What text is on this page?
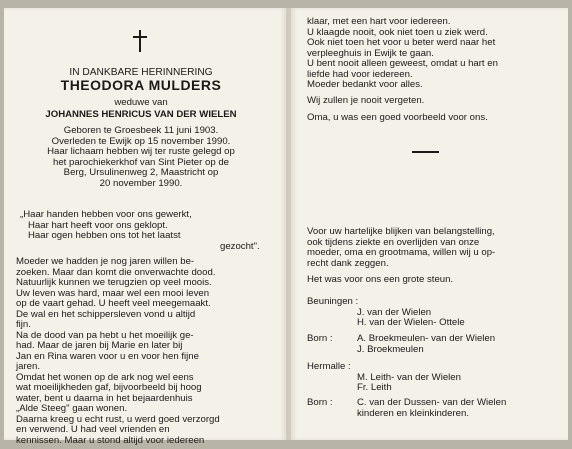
IN DANKBARE HERINNERING
THEODORA MULDERS
weduwe van
JOHANNES HENRICUS VAN DER WIELEN
Geboren te Groesbeek 11 juni 1903.
Overleden te Ewijk op 15 november 1990.
Haar lichaam hebben wij ter ruste gelegd op
het parochiekerkhof van Sint Pieter op de
Berg, Ursulinenweg 2, Maastricht op
20 november 1990.
„Haar handen hebben voor ons gewerkt,
Haar hart heeft voor ons geklopt.
Haar ogen hebben ons tot het laatst
gezocht".
Moeder we hadden je nog jaren willen be-
zoeken. Maar dan komt die onverwachte dood.
Natuurlijk kunnen we terugzien op veel moois.
Uw leven was hard, maar wel een mooi leven
op de vaart gehad. U heeft veel meegemaakt.
De wal en het schippersleven vond u altijd
fijn.
Na de dood van pa hebt u het moeilijk ge-
had. Maar de jaren bij Marie en later bij
Jan en Rina waren voor u en voor hen fijne
jaren.
Omdat het wonen op de ark nog wel eens
wat moeilijkheden gaf, bijvoorbeeld bij hoog
water, bent u daarna in het bejaardenhuis
„Alde Steeg" gaan wonen.
Daarna kreeg u echt rust, u werd goed verzorgd
en verwend. U had veel vrienden en
kennissen. Maar u stond altijd voor iedereen
klaar, met een hart voor iedereen.
U klaagde nooit, ook niet toen u ziek werd.
Ook niet toen het voor u beter werd naar het
verpleeghuis in Ewijk te gaan.
U bent nooit alleen geweest, omdat u hart en
liefde had voor iedereen.
Moeder bedankt voor alles.
Wij zullen je nooit vergeten.
Oma, u was een goed voorbeeld voor ons.
Voor uw hartelijke blijken van belangstelling,
ook tijdens ziekte en overlijden van onze
moeder, oma en grootmama, willen wij u op-
recht dank zeggen.
Het was voor ons een grote steun.
Beuningen :
J. van der Wielen
H. van der Wielen- Ottele
Born :	A. Broekmeulen- van der Wielen
J. Broekmeulen
Hermalle :
M. Leith- van der Wielen
Fr. Leith
Born :	C. van der Dussen- van der Wielen
kinderen en kleinkinderen.
